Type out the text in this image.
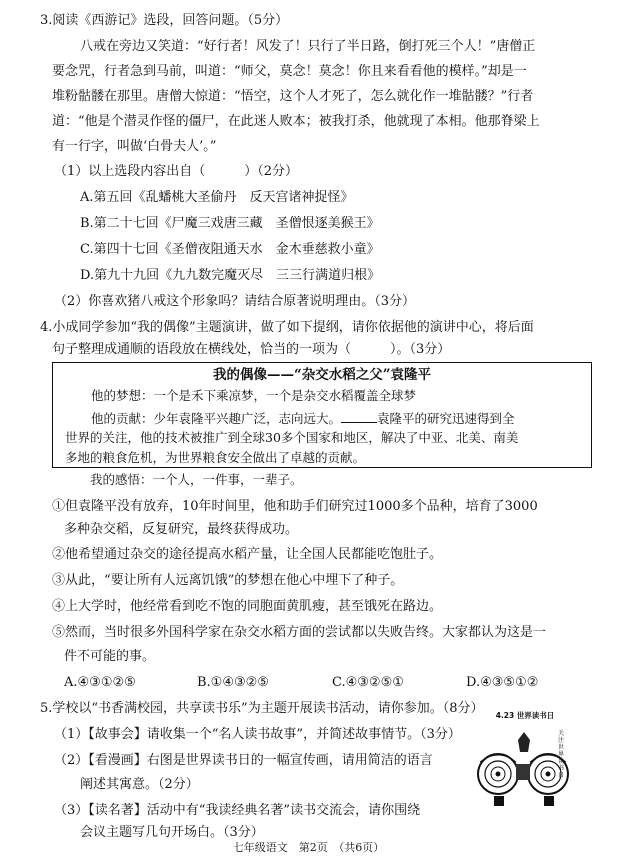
3.阅读《西游记》选段，回答问题。（5分）
八戒在旁边又笑道：“好行者！风发了！只行了半日路，倒打死三个人！”唐僧正
要念咒，行者急到马前，叫道：“师父，莫念！莫念！你且来看看他的模样。”却是一
堆粉骷髅在那里。唐僧大惊道：“悟空，这个人才死了，怎么就化作一堆骷髅？”行者
道：“他是个潜灵作怪的僵尸，在此迷人败本；被我打杀，他就现了本相。他那脊梁上
有一行字，叫做‘白骨夫人’。”
（1）以上选段内容出自（　　　）（2分）
A.第五回《乱蟠桃大圣偷丹　反天宫诸神捉怪》
B.第二十七回《尸魔三戏唐三藏　圣僧恨逐美猴王》
C.第四十七回《圣僧夜阻通天水　金木垂慈救小童》
D.第九十九回《九九数完魔灭尽　三三行满道归根》
（2）你喜欢猪八戒这个形象吗？请结合原著说明理由。（3分）
4.小成同学参加“我的偶像”主题演讲，做了如下提纲，请你依据他的演讲中心，将后面
句子整理成通顺的语段放在横线处，恰当的一项为（　　　）。（3分）
我的偶像——“杂交水稻之父”袁隆平
他的梦想：一个是禾下乘凉梦，一个是杂交水稻覆盖全球梦
他的贡献：少年袁隆平兴趣广泛，志向远大。	袁隆平的研究迅速得到全
世界的关注，他的技术被推广到全球30多个国家和地区，解决了中亚、北美、南美
多地的粮食危机，为世界粮食安全做出了卓越的贡献。
我的感悟：一个人，一件事，一辈子。
①但袁隆平没有放弃，10年时间里，他和助手们研究过1000多个品种，培育了3000
多种杂交稻，反复研究，最终获得成功。
②他希望通过杂交的途径提高水稻产量，让全国人民都能吃饱肚子。
③从此，“要让所有人远离饥饿”的梦想在他心中埋下了种子。
④上大学时，他经常看到吃不饱的同胞面黄肌瘦，甚至饿死在路边。
⑤然而，当时很多外国科学家在杂交水稻方面的尝试都以失败告终。大家都认为这是一
件不可能的事。
A.④③①②⑤	B.①④③②⑤	C.④③②⑤①	D.④③⑤①②
5.学校以“书香满校园，共享读书乐”为主题开展读书活动，请你参加。（8分）
（1）【故事会】请收集一个“名人读书故事”，并简述故事情节。（3分）
（2）【看漫画】右图是世界读书日的一幅宣传画，请用简洁的语言
阐述其寓意。（2分）
（3）【读名著】活动中有“我读经典名著”读书交流会，请你围绕
4.23 世界读书日
会议主题写几句开场白。（3分）
七年级语文　第2页　（共6页）
关注世界读书日
